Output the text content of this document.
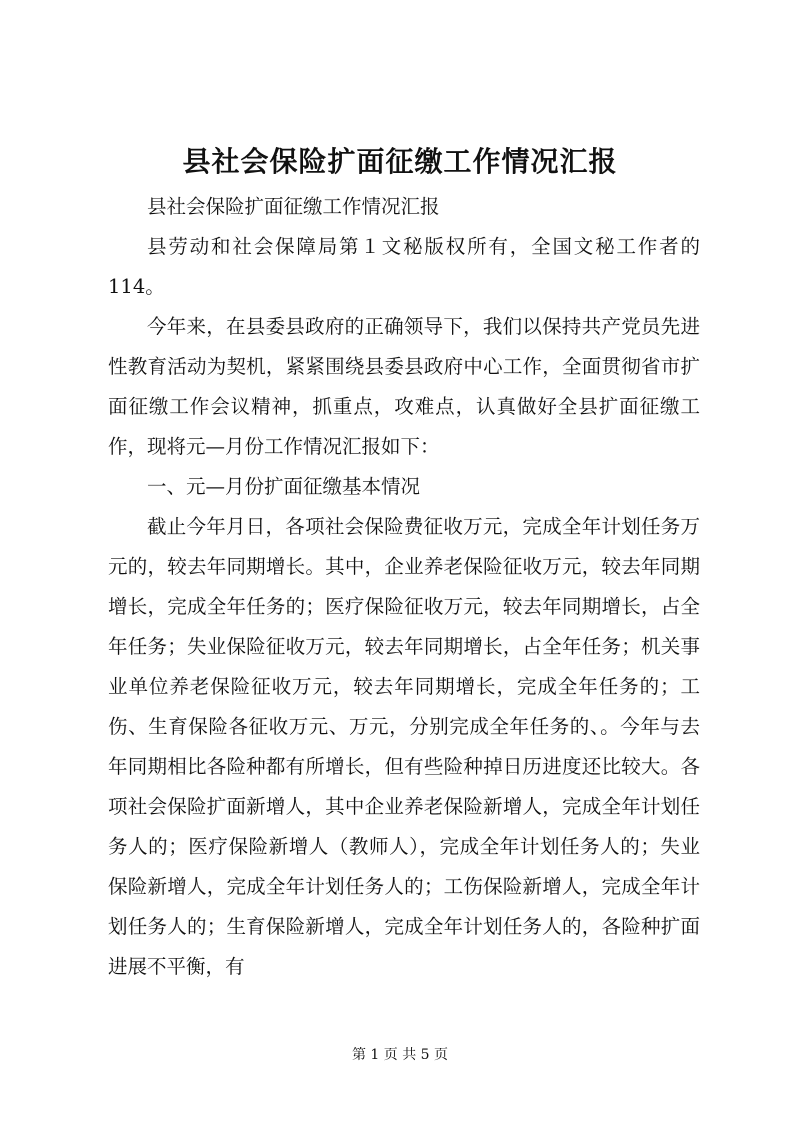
县社会保险扩面征缴工作情况汇报

县社会保险扩面征缴工作情况汇报

县劳动和社会保障局第１文秘版权所有，全国文秘工作者的114。

今年来，在县委县政府的正确领导下，我们以保持共产党员先进性教育活动为契机，紧紧围绕县委县政府中心工作，全面贯彻省市扩面征缴工作会议精神，抓重点，攻难点，认真做好全县扩面征缴工作，现将元—月份工作情况汇报如下：

一、元—月份扩面征缴基本情况

截止今年月日，各项社会保险费征收万元，完成全年计划任务万元的，较去年同期增长。其中，企业养老保险征收万元，较去年同期增长，完成全年任务的；医疗保险征收万元，较去年同期增长，占全年任务；失业保险征收万元，较去年同期增长，占全年任务；机关事业单位养老保险征收万元，较去年同期增长，完成全年任务的；工伤、生育保险各征收万元、万元，分别完成全年任务的、。今年与去年同期相比各险种都有所增长，但有些险种掉日历进度还比较大。各项社会保险扩面新增人，其中企业养老保险新增人，完成全年计划任务人的；医疗保险新增人（教师人），完成全年计划任务人的；失业保险新增人，完成全年计划任务人的；工伤保险新增人，完成全年计划任务人的；生育保险新增人，完成全年计划任务人的，各险种扩面进展不平衡，有

第 1 页 共 5 页
